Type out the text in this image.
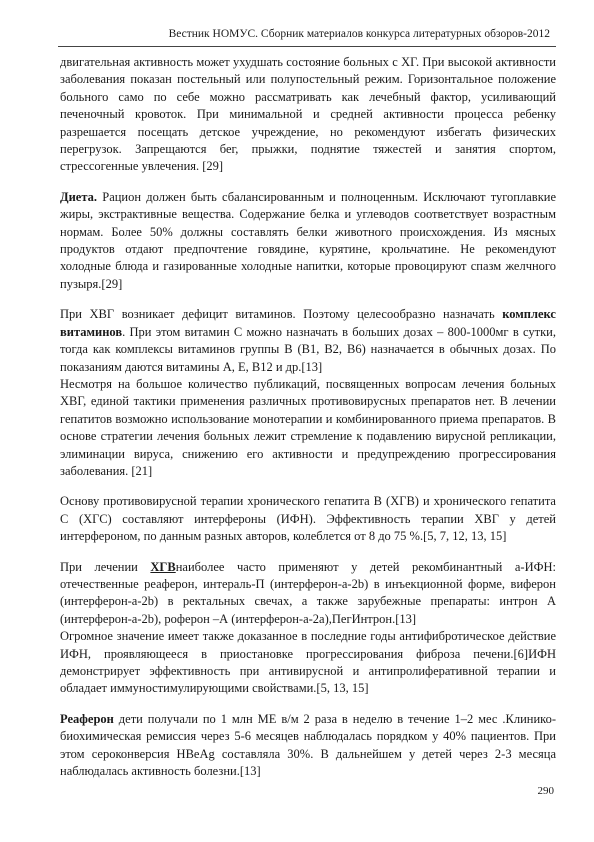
Вестник НОМУС. Сборник материалов конкурса литературных обзоров-2012

двигательная активность может ухудшать состояние больных с ХГ. При высокой активности заболевания показан постельный или полупостельный режим. Горизонтальное положение больного само по себе можно рассматривать как лечебный фактор, усиливающий печеночный кровоток. При минимальной и средней активности процесса ребенку разрешается посещать детское учреждение, но рекомендуют избегать физических перегрузок. Запрещаются бег, прыжки, поднятие тяжестей и занятия спортом, стрессогенные увлечения. [29]

Диета. Рацион должен быть сбалансированным и полноценным. Исключают тугоплавкие жиры, экстрактивные вещества. Содержание белка и углеводов соответствует возрастным нормам. Более 50% должны составлять белки животного происхождения. Из мясных продуктов отдают предпочтение говядине, курятине, крольчатине. Не рекомендуют холодные блюда и газированные холодные напитки, которые провоцируют спазм желчного пузыря.[29]

При ХВГ возникает дефицит витаминов. Поэтому целесообразно назначать комплекс витаминов. При этом витамин С можно назначать в больших дозах – 800-1000мг в сутки, тогда как комплексы витаминов группы В (В1, В2, В6) назначается в обычных дозах. По показаниям даются витамины А, Е, В12 и др.[13]
Несмотря на большое количество публикаций, посвященных вопросам лечения больных ХВГ, единой тактики применения различных противовирусных препаратов нет. В лечении гепатитов возможно использование монотерапии и комбинированного приема препаратов. В основе стратегии лечения больных лежит стремление к подавлению вирусной репликации, элиминации вируса, снижению его активности и предупреждению прогрессирования заболевания. [21]

Основу противовирусной терапии хронического гепатита В (ХГВ) и хронического гепатита С (ХГС) составляют интерфероны (ИФН). Эффективность терапии ХВГ у детей интерфероном, по данным разных авторов, колеблется от 8 до 75 %.[5, 7, 12, 13, 15]

При лечении ХГВнаиболее часто применяют у детей рекомбинантный а-ИФН: отечественные реаферон, интераль-П (интерферон-a-2b) в инъекционной форме, виферон (интерферон-a-2b) в ректальных свечах, а также зарубежные препараты: интрон А (интерферон-a-2b), роферон –А (интерферон-a-2a),ПегИнтрон.[13]
Огромное значение имеет также доказанное в последние годы антифибротическое действие ИФН, проявляющееся в приостановке прогрессирования фиброза печени.[6]ИФН демонстрирует эффективность при антивирусной и антипролиферативной терапии и обладает иммуностимулирующими свойствами.[5, 13, 15]

Реаферон дети получали по 1 млн МЕ в/м 2 раза в неделю в течение 1–2 мес .Клинико-биохимическая ремиссия через 5-6 месяцев наблюдалась порядком у 40% пациентов. При этом сероконверсия HBeAg составляла 30%. В дальнейшем у детей через 2-3 месяца наблюдалась активность болезни.[13]

290
